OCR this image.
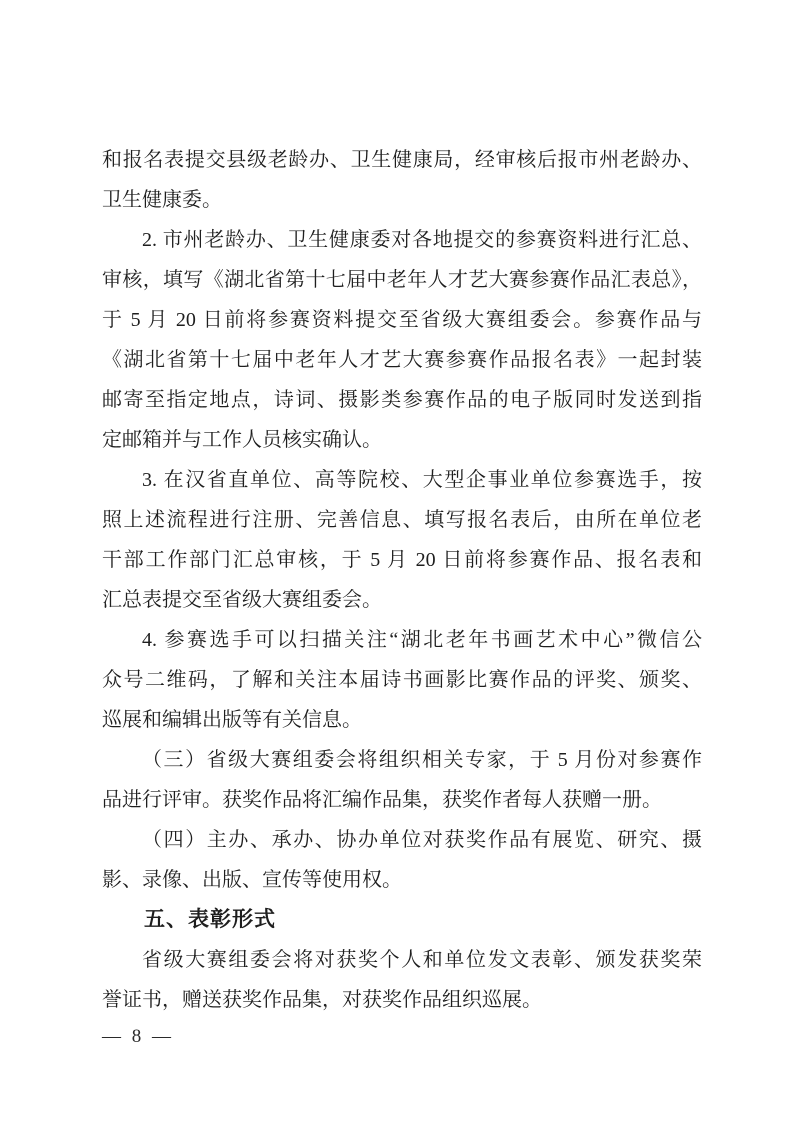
和报名表提交县级老龄办、卫生健康局，经审核后报市州老龄办、
卫生健康委。
2. 市州老龄办、卫生健康委对各地提交的参赛资料进行汇总、
审核，填写《湖北省第十七届中老年人才艺大赛参赛作品汇表总》，
于 5 月 20 日前将参赛资料提交至省级大赛组委会。参赛作品与
《湖北省第十七届中老年人才艺大赛参赛作品报名表》一起封装
邮寄至指定地点，诗词、摄影类参赛作品的电子版同时发送到指
定邮箱并与工作人员核实确认。
3. 在汉省直单位、高等院校、大型企事业单位参赛选手，按
照上述流程进行注册、完善信息、填写报名表后，由所在单位老
干部工作部门汇总审核，于 5 月 20 日前将参赛作品、报名表和
汇总表提交至省级大赛组委会。
4. 参赛选手可以扫描关注“湖北老年书画艺术中心”微信公
众号二维码，了解和关注本届诗书画影比赛作品的评奖、颁奖、
巡展和编辑出版等有关信息。
（三）省级大赛组委会将组织相关专家，于 5 月份对参赛作
品进行评审。获奖作品将汇编作品集，获奖作者每人获赠一册。
（四）主办、承办、协办单位对获奖作品有展览、研究、摄
影、录像、出版、宣传等使用权。
五、表彰形式
省级大赛组委会将对获奖个人和单位发文表彰、颁发获奖荣
誉证书，赠送获奖作品集，对获奖作品组织巡展。
— 8 —
